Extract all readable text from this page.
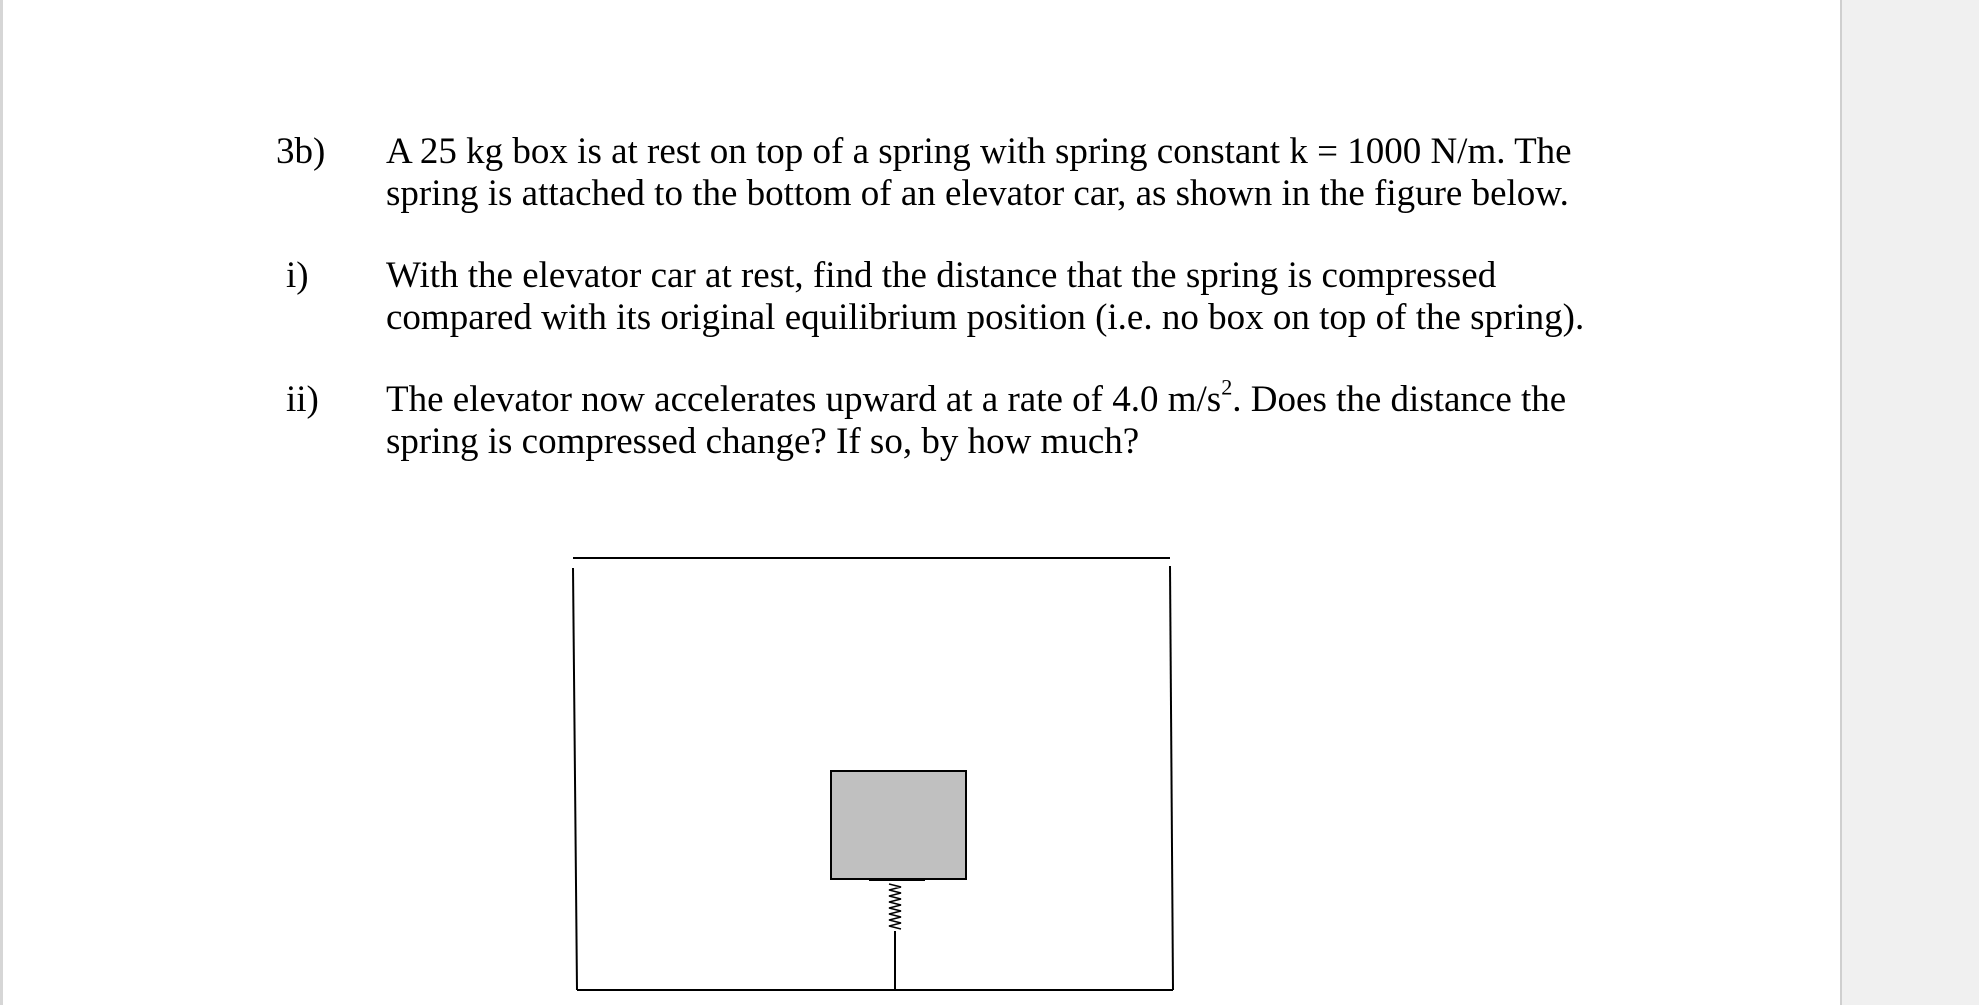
3b) A 25 kg box is at rest on top of a spring with spring constant k = 1000 N/m. The

spring is attached to the bottom of an elevator car, as shown in the figure below.

i) With the elevator car at rest, find the distance that the spring is compressed

compared with its original equilibrium position (i.e. no box on top of the spring).

ii) The elevator now accelerates upward at a rate of 4.0 $m/s^2$. Does the distance the

spring is compressed change? If so, by how much?
